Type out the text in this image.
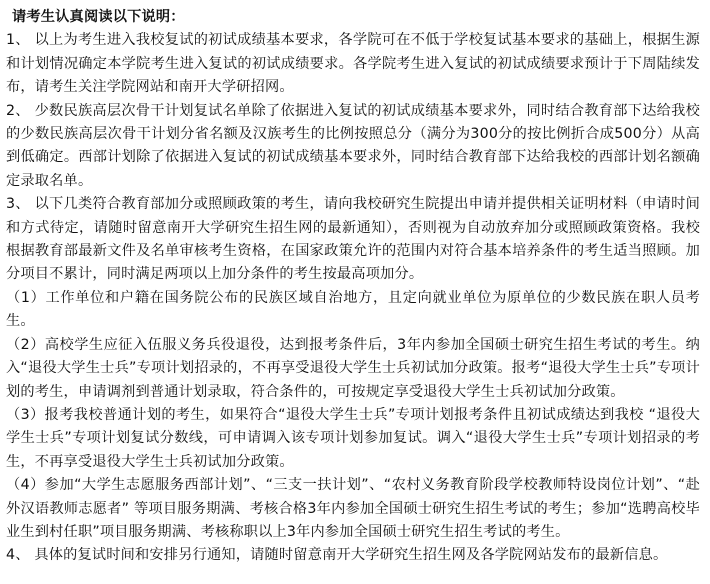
请考生认真阅读以下说明：

1、 以上为考生进入我校复试的初试成绩基本要求，各学院可在不低于学校复试基本要求的基础上，根据生源和计划情况确定本学院考生进入复试的初试成绩要求。各学院考生进入复试的初试成绩要求预计于下周陆续发布，请考生关注学院网站和南开大学研招网。

2、 少数民族高层次骨干计划复试名单除了依据进入复试的初试成绩基本要求外，同时结合教育部下达给我校的少数民族高层次骨干计划分省名额及汉族考生的比例按照总分（满分为300分的按比例折合成500分）从高到低确定。西部计划除了依据进入复试的初试成绩基本要求外，同时结合教育部下达给我校的西部计划名额确定录取名单。

3、 以下几类符合教育部加分或照顾政策的考生，请向我校研究生院提出申请并提供相关证明材料（申请时间和方式待定，请随时留意南开大学研究生招生网的最新通知），否则视为自动放弃加分或照顾政策资格。我校根据教育部最新文件及名单审核考生资格，在国家政策允许的范围内对符合基本培养条件的考生适当照顾。加分项目不累计，同时满足两项以上加分条件的考生按最高项加分。

（1）工作单位和户籍在国务院公布的民族区域自治地方，且定向就业单位为原单位的少数民族在职人员考生。

（2）高校学生应征入伍服义务兵役退役，达到报考条件后，3年内参加全国硕士研究生招生考试的考生。纳入“退役大学生士兵”专项计划招录的，不再享受退役大学生士兵初试加分政策。报考“退役大学生士兵”专项计划的考生，申请调剂到普通计划录取，符合条件的，可按规定享受退役大学生士兵初试加分政策。

（3）报考我校普通计划的考生，如果符合“退役大学生士兵”专项计划报考条件且初试成绩达到我校 “退役大学生士兵”专项计划复试分数线，可申请调入该专项计划参加复试。调入“退役大学生士兵”专项计划招录的考生，不再享受退役大学生士兵初试加分政策。

（4）参加“大学生志愿服务西部计划”、“三支一扶计划”、“农村义务教育阶段学校教师特设岗位计划”、“赴外汉语教师志愿者” 等项目服务期满、考核合格3年内参加全国硕士研究生招生考试的考生；参加“选聘高校毕业生到村任职”项目服务期满、考核称职以上3年内参加全国硕士研究生招生考试的考生。

4、 具体的复试时间和安排另行通知，请随时留意南开大学研究生招生网及各学院网站发布的最新信息。
